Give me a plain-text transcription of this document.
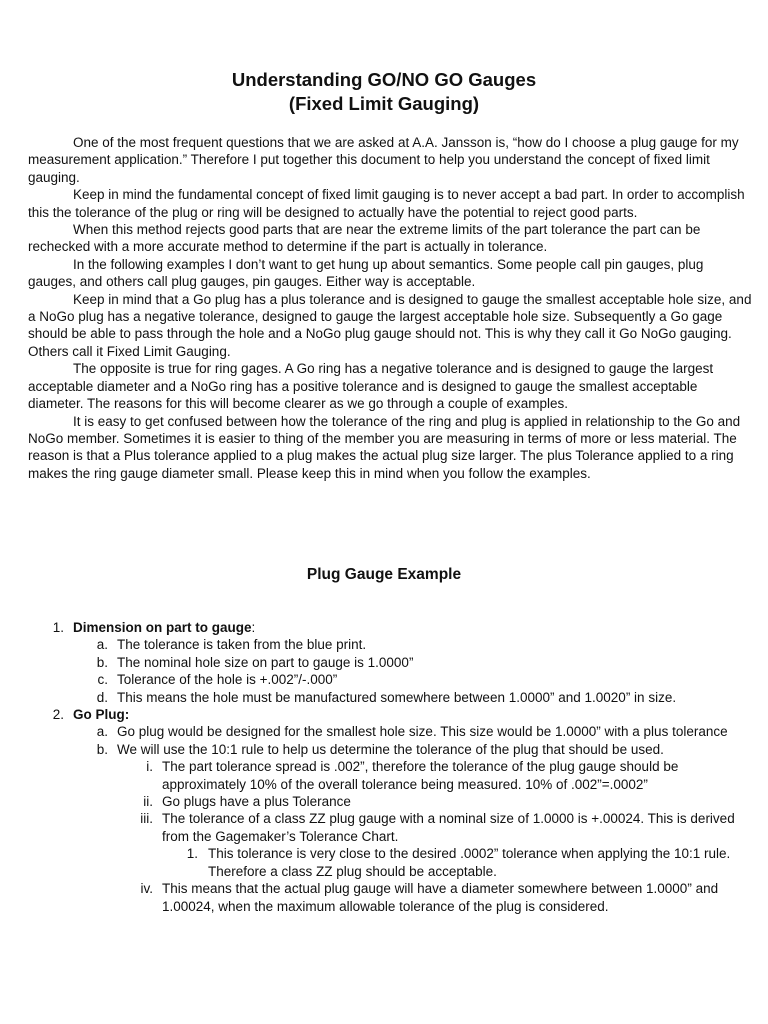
Understanding GO/NO GO Gauges
(Fixed Limit Gauging)

One of the most frequent questions that we are asked at A.A. Jansson is, “how do I choose a plug gauge for my measurement application.” Therefore I put together this document to help you understand the concept of fixed limit gauging.

Keep in mind the fundamental concept of fixed limit gauging is to never accept a bad part. In order to accomplish this the tolerance of the plug or ring will be designed to actually have the potential to reject good parts.

When this method rejects good parts that are near the extreme limits of the part tolerance the part can be rechecked with a more accurate method to determine if the part is actually in tolerance.

In the following examples I don’t want to get hung up about semantics. Some people call pin gauges, plug gauges, and others call plug gauges, pin gauges. Either way is acceptable.

Keep in mind that a Go plug has a plus tolerance and is designed to gauge the smallest acceptable hole size, and a NoGo plug has a negative tolerance, designed to gauge the largest acceptable hole size. Subsequently a Go gage should be able to pass through the hole and a NoGo plug gauge should not. This is why they call it Go NoGo gauging. Others call it Fixed Limit Gauging.

The opposite is true for ring gages. A Go ring has a negative tolerance and is designed to gauge the largest acceptable diameter and a NoGo ring has a positive tolerance and is designed to gauge the smallest acceptable diameter. The reasons for this will become clearer as we go through a couple of examples.

It is easy to get confused between how the tolerance of the ring and plug is applied in relationship to the Go and NoGo member. Sometimes it is easier to thing of the member you are measuring in terms of more or less material. The reason is that a Plus tolerance applied to a plug makes the actual plug size larger. The plus Tolerance applied to a ring makes the ring gauge diameter small. Please keep this in mind when you follow the examples.

Plug Gauge Example
1. Dimension on part to gauge:
a. The tolerance is taken from the blue print.
b. The nominal hole size on part to gauge is 1.0000”
c. Tolerance of the hole is +.002”/-.000”
d. This means the hole must be manufactured somewhere between 1.0000” and 1.0020” in size.
2. Go Plug:
a. Go plug would be designed for the smallest hole size. This size would be 1.0000” with a plus tolerance
b. We will use the 10:1 rule to help us determine the tolerance of the plug that should be used.
i. The part tolerance spread is .002”, therefore the tolerance of the plug gauge should be approximately 10% of the overall tolerance being measured. 10% of .002”=.0002”
ii. Go plugs have a plus Tolerance
iii. The tolerance of a class ZZ plug gauge with a nominal size of 1.0000 is +.00024. This is derived from the Gagemaker’s Tolerance Chart.
1. This tolerance is very close to the desired .0002” tolerance when applying the 10:1 rule. Therefore a class ZZ plug should be acceptable.
iv. This means that the actual plug gauge will have a diameter somewhere between 1.0000” and 1.00024, when the maximum allowable tolerance of the plug is considered.
